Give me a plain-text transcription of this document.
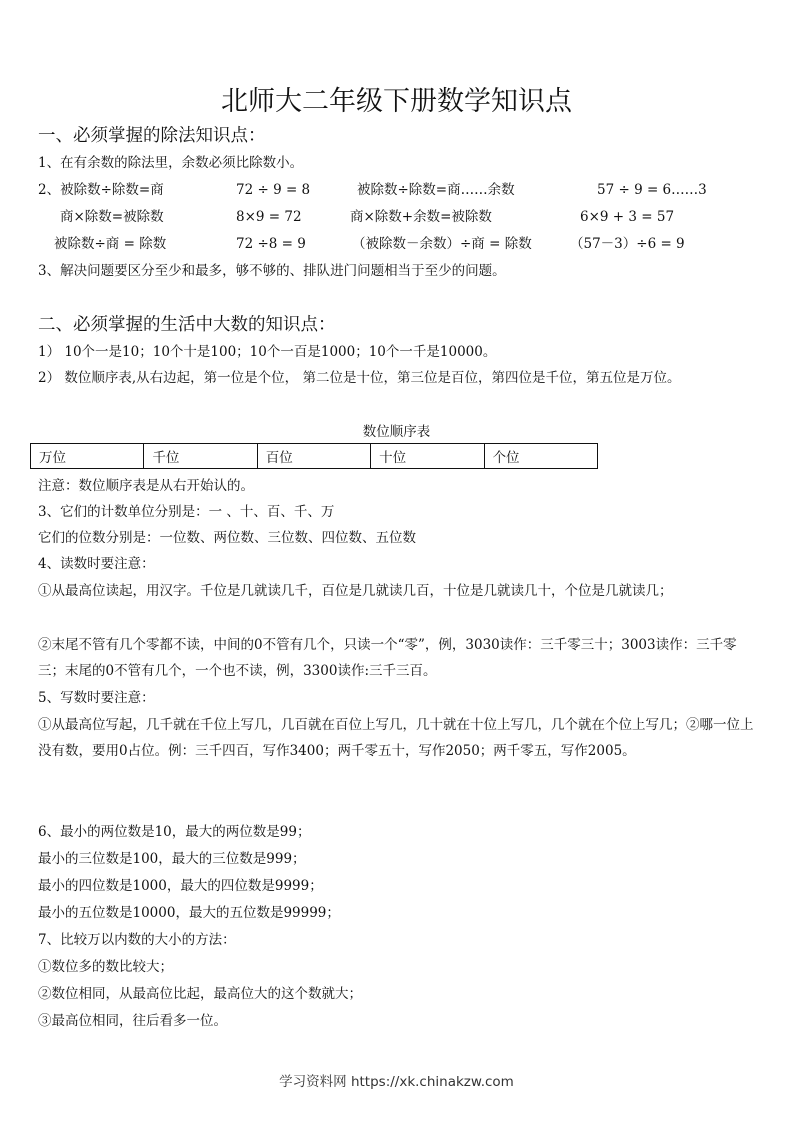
北师大二年级下册数学知识点
一、必须掌握的除法知识点：
1、在有余数的除法里，余数必须比除数小。
2、被除数÷除数=商	72 ÷ 9 = 8	被除数÷除数=商……余数	57 ÷ 9 = 6……3
商×除数=被除数	8×9 = 72	商×除数+余数=被除数	6×9 + 3 = 57
被除数÷商 = 除数	72 ÷8 = 9	（被除数－余数）÷商 = 除数	（57－3）÷6 = 9
3、解决问题要区分至少和最多，够不够的、排队进门问题相当于至少的问题。
二、必须掌握的生活中大数的知识点：
1） 10个一是10；10个十是100；10个一百是1000；10个一千是10000。
2） 数位顺序表,从右边起，第一位是个位， 第二位是十位，第三位是百位，第四位是千位，第五位是万位。
数位顺序表
万位	千位	百位	十位	个位
注意：数位顺序表是从右开始认的。
3、它们的计数单位分别是：一 、十、百、千、万
它们的位数分别是：一位数、两位数、三位数、四位数、五位数
4、读数时要注意：
①从最高位读起，用汉字。千位是几就读几千，百位是几就读几百，十位是几就读几十，个位是几就读几；
②末尾不管有几个零都不读，中间的0不管有几个，只读一个“零”，例，3030读作：三千零三十；3003读作：三千零三；末尾的0不管有几个，一个也不读，例，3300读作:三千三百。
5、写数时要注意：
①从最高位写起，几千就在千位上写几，几百就在百位上写几，几十就在十位上写几，几个就在个位上写几；②哪一位上没有数，要用0占位。例：三千四百，写作3400；两千零五十，写作2050；两千零五，写作2005。
6、最小的两位数是10，最大的两位数是99；
最小的三位数是100，最大的三位数是999；
最小的四位数是1000，最大的四位数是9999；
最小的五位数是10000，最大的五位数是99999；
7、比较万以内数的大小的方法：
①数位多的数比较大；
②数位相同，从最高位比起，最高位大的这个数就大；
③最高位相同，往后看多一位。
学习资料网 https://xk.chinakzw.com
